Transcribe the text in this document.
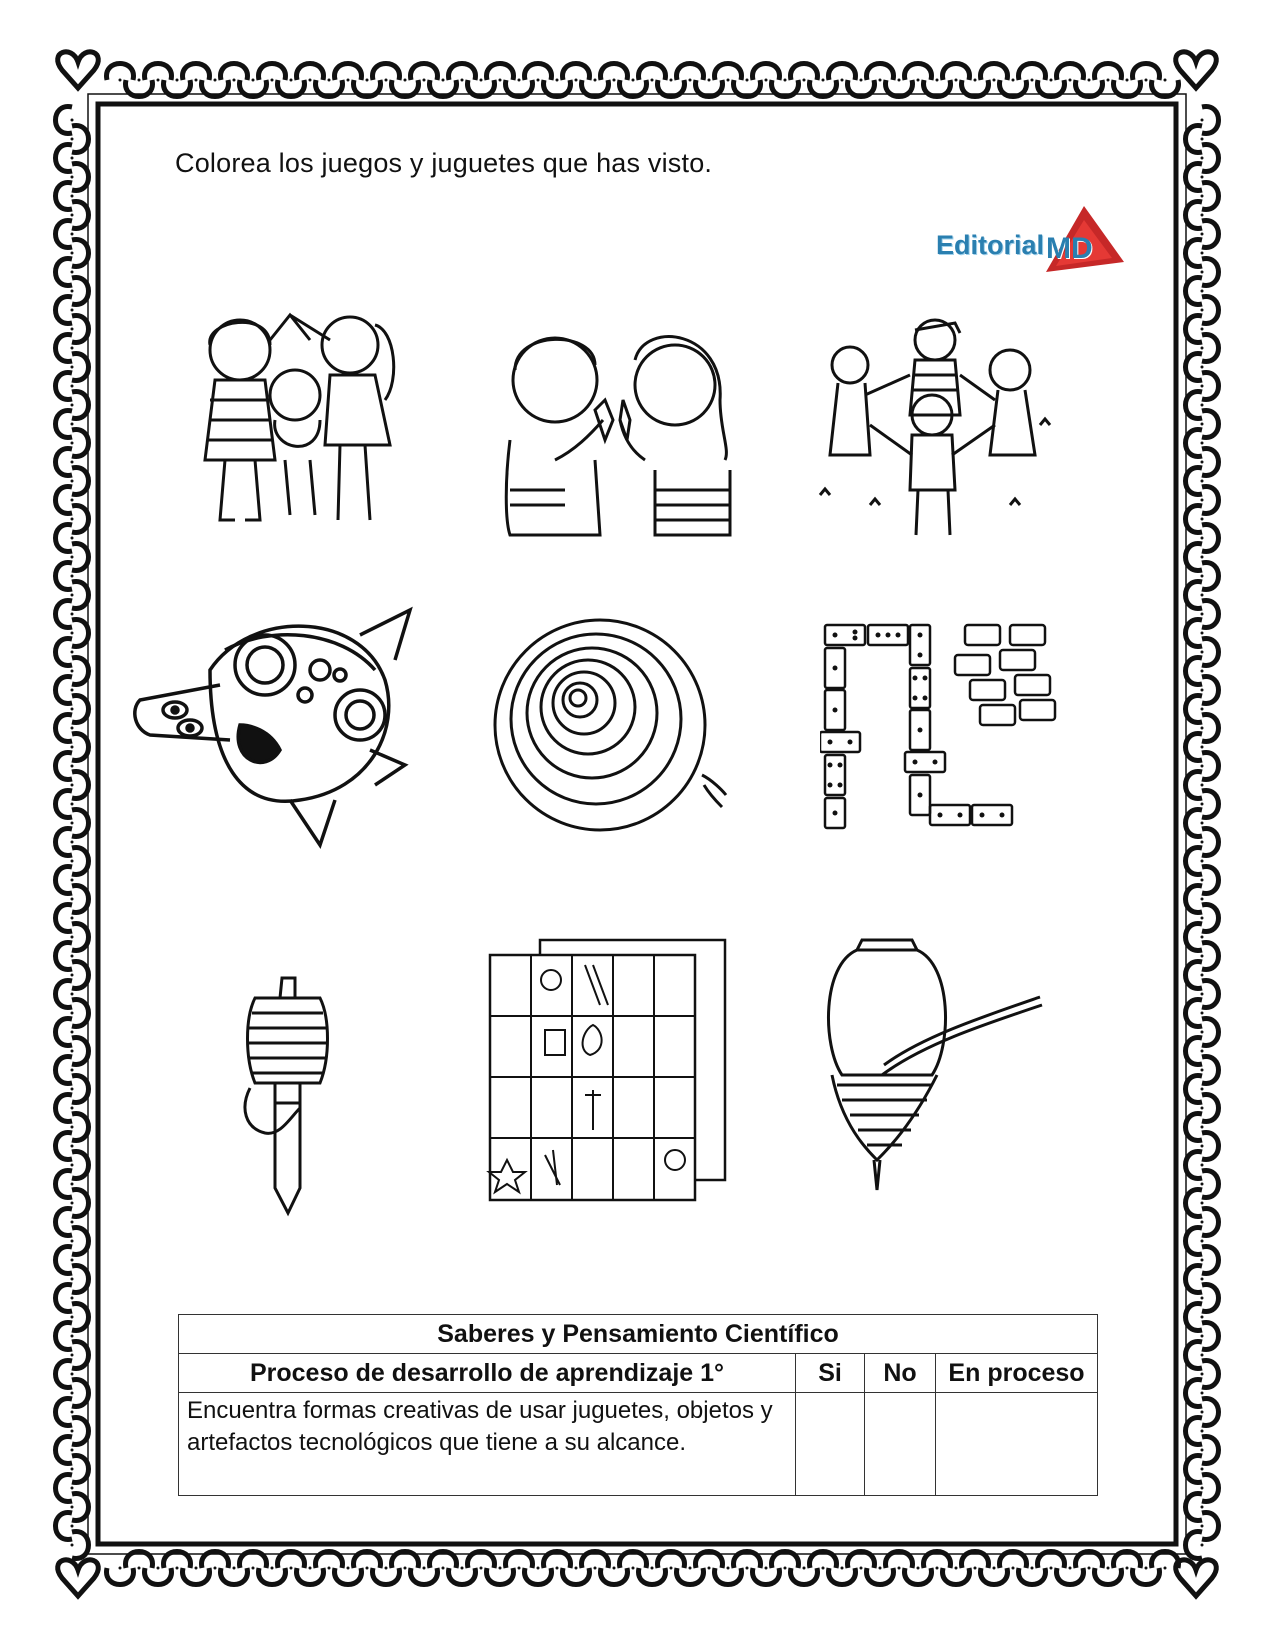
Colorea los juegos y juguetes que has visto.
Editorial MD
Saberes y Pensamiento Científico			
Proceso de desarrollo de aprendizaje 1°	Si	No	En proceso
Encuentra formas creativas de usar juguetes, objetos y artefactos tecnológicos que tiene a su alcance.			
